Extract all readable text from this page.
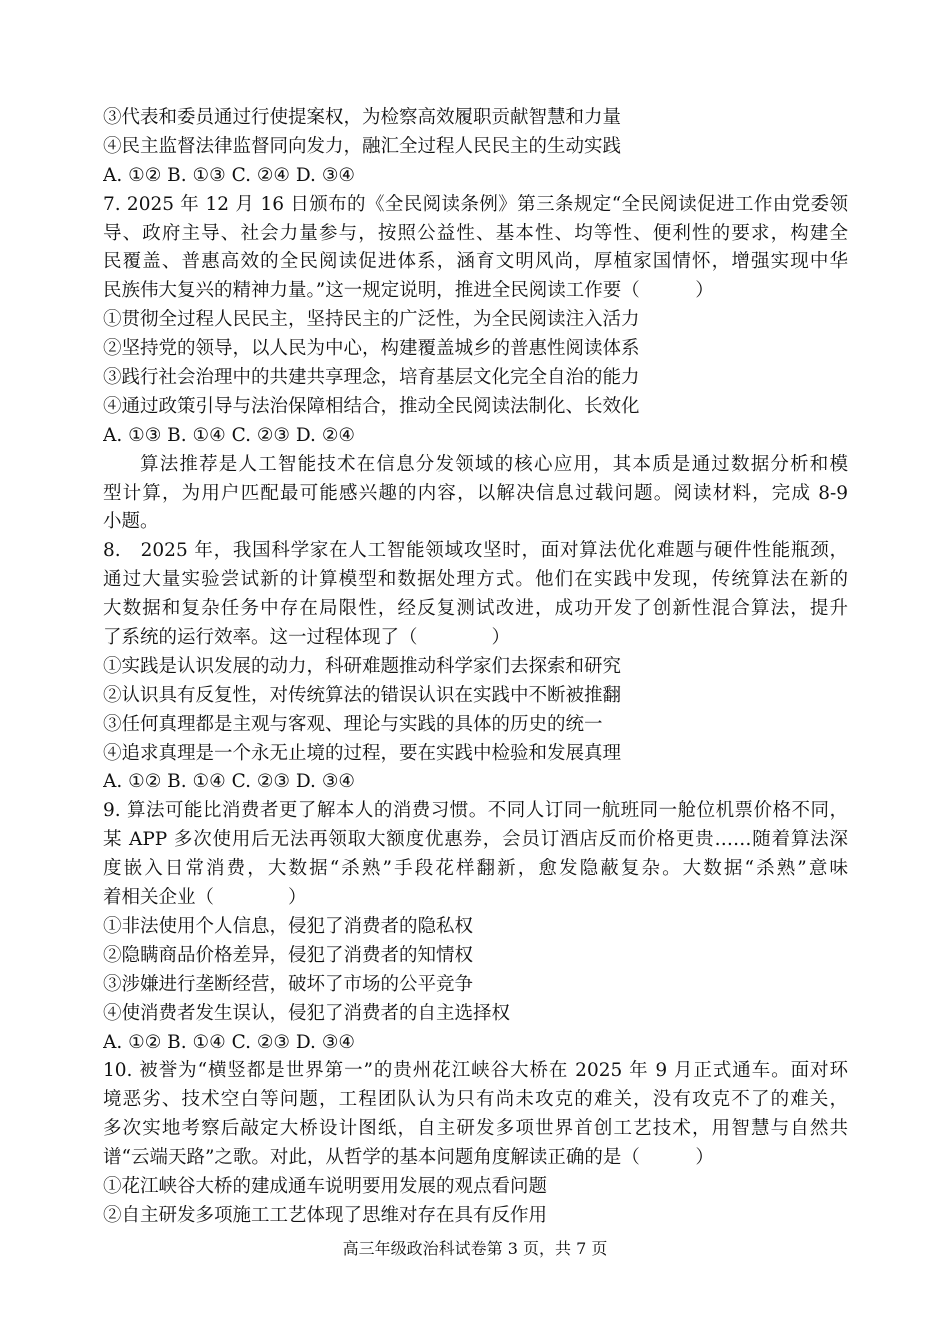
③代表和委员通过行使提案权，为检察高效履职贡献智慧和力量
④民主监督法律监督同向发力，融汇全过程人民民主的生动实践
A. ①② B. ①③ C. ②④ D. ③④
7. 2025 年 12 月 16 日颁布的《全民阅读条例》第三条规定“全民阅读促进工作由党委领
导、政府主导、社会力量参与，按照公益性、基本性、均等性、便利性的要求，构建全
民覆盖、普惠高效的全民阅读促进体系，涵育文明风尚，厚植家国情怀，增强实现中华
民族伟大复兴的精神力量。”这一规定说明，推进全民阅读工作要（　　　）
①贯彻全过程人民民主，坚持民主的广泛性，为全民阅读注入活力
②坚持党的领导，以人民为中心，构建覆盖城乡的普惠性阅读体系
③践行社会治理中的共建共享理念，培育基层文化完全自治的能力
④通过政策引导与法治保障相结合，推动全民阅读法制化、长效化
A. ①③ B. ①④ C. ②③ D. ②④
算法推荐是人工智能技术在信息分发领域的核心应用，其本质是通过数据分析和模
型计算，为用户匹配最可能感兴趣的内容，以解决信息过载问题。阅读材料，完成 8-9
小题。
8.　2025 年，我国科学家在人工智能领域攻坚时，面对算法优化难题与硬件性能瓶颈，
通过大量实验尝试新的计算模型和数据处理方式。他们在实践中发现，传统算法在新的
大数据和复杂任务中存在局限性，经反复测试改进，成功开发了创新性混合算法，提升
了系统的运行效率。这一过程体现了（　　　　）
①实践是认识发展的动力，科研难题推动科学家们去探索和研究
②认识具有反复性，对传统算法的错误认识在实践中不断被推翻
③任何真理都是主观与客观、理论与实践的具体的历史的统一
④追求真理是一个永无止境的过程，要在实践中检验和发展真理
A. ①② B. ①④ C. ②③ D. ③④
9. 算法可能比消费者更了解本人的消费习惯。不同人订同一航班同一舱位机票价格不同，
某 APP 多次使用后无法再领取大额度优惠券，会员订酒店反而价格更贵……随着算法深
度嵌入日常消费，大数据“杀熟”手段花样翻新，愈发隐蔽复杂。大数据“杀熟”意味
着相关企业（　　　　）
①非法使用个人信息，侵犯了消费者的隐私权
②隐瞒商品价格差异，侵犯了消费者的知情权
③涉嫌进行垄断经营，破坏了市场的公平竞争
④使消费者发生误认，侵犯了消费者的自主选择权
A. ①② B. ①④ C. ②③ D. ③④
10. 被誉为“横竖都是世界第一”的贵州花江峡谷大桥在 2025 年 9 月正式通车。面对环
境恶劣、技术空白等问题，工程团队认为只有尚未攻克的难关，没有攻克不了的难关，
多次实地考察后敲定大桥设计图纸，自主研发多项世界首创工艺技术，用智慧与自然共
谱“云端天路”之歌。对此，从哲学的基本问题角度解读正确的是（　　　）
①花江峡谷大桥的建成通车说明要用发展的观点看问题
②自主研发多项施工工艺体现了思维对存在具有反作用
高三年级政治科试卷第 3 页，共 7 页
